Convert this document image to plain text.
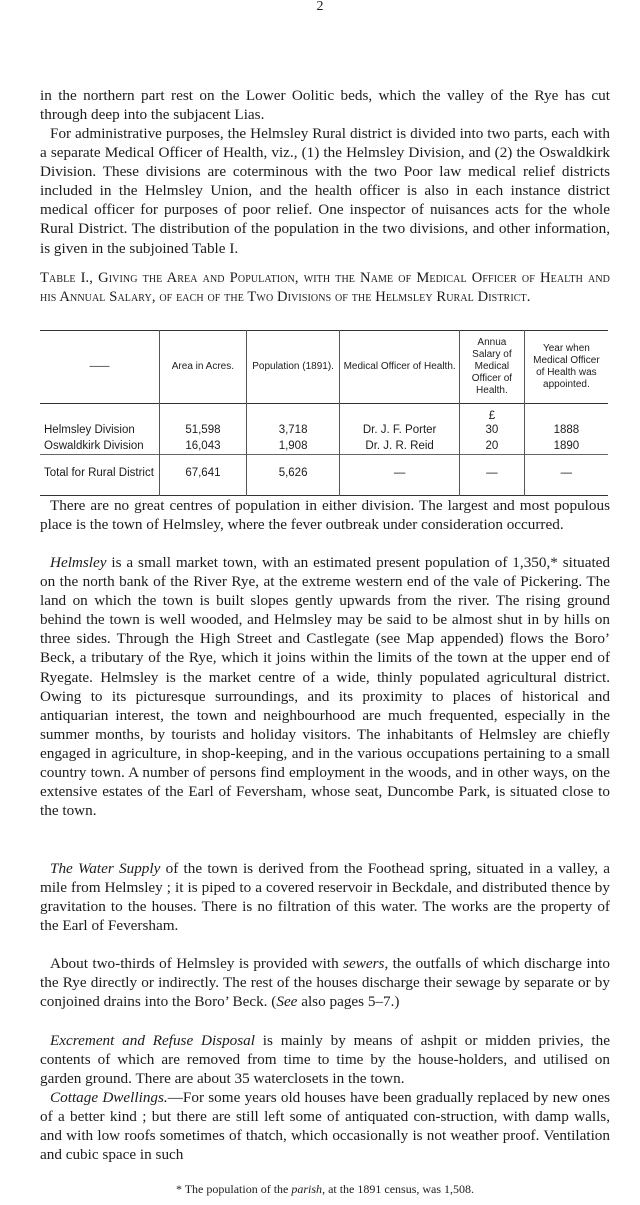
2

in the northern part rest on the Lower Oolitic beds, which the valley of the Rye has cut through deep into the subjacent Lias.

For administrative purposes, the Helmsley Rural district is divided into two parts, each with a separate Medical Officer of Health, viz., (1) the Helmsley Division, and (2) the Oswaldkirk Division. These divisions are coterminous with the two Poor law medical relief districts included in the Helmsley Union, and the health officer is also in each instance district medical officer for purposes of poor relief. One inspector of nuisances acts for the whole Rural District. The distribution of the population in the two divisions, and other information, is given in the subjoined Table I.

Table I., Giving the Area and Population, with the Name of Medical Officer of Health and his Annual Salary, of each of the Two Divisions of the Helmsley Rural District.

——	Area in Acres.	Population (1891).	Medical Officer of Health.	Annua Salary of Medical Officer of Health.	Year when Medical Officer of Health was appointed.
				£	
Helmsley Division	51,598	3,718	Dr. J. F. Porter	30	1888
Oswaldkirk Division	16,043	1,908	Dr. J. R. Reid	20	1890
Total for Rural District	67,641	5,626	—	—	—

There are no great centres of population in either division. The largest and most populous place is the town of Helmsley, where the fever outbreak under consideration occurred.

Helmsley is a small market town, with an estimated present population of 1,350,* situated on the north bank of the River Rye, at the extreme western end of the vale of Pickering. The land on which the town is built slopes gently upwards from the river. The rising ground behind the town is well wooded, and Helmsley may be said to be almost shut in by hills on three sides. Through the High Street and Castlegate (see Map appended) flows the Boro’ Beck, a tributary of the Rye, which it joins within the limits of the town at the upper end of Ryegate. Helmsley is the market centre of a wide, thinly populated agricultural district. Owing to its picturesque surroundings, and its proximity to places of historical and antiquarian interest, the town and neighbourhood are much frequented, especially in the summer months, by tourists and holiday visitors. The inhabitants of Helmsley are chiefly engaged in agriculture, in shop-keeping, and in the various occupations pertaining to a small country town. A number of persons find employment in the woods, and in other ways, on the extensive estates of the Earl of Feversham, whose seat, Duncombe Park, is situated close to the town.

The Water Supply of the town is derived from the Foothead spring, situated in a valley, a mile from Helmsley ; it is piped to a covered reservoir in Beckdale, and distributed thence by gravitation to the houses. There is no filtration of this water. The works are the property of the Earl of Feversham.

About two-thirds of Helmsley is provided with sewers, the outfalls of which discharge into the Rye directly or indirectly. The rest of the houses discharge their sewage by separate or by conjoined drains into the Boro’ Beck. (See also pages 5–7.)

Excrement and Refuse Disposal is mainly by means of ashpit or midden privies, the contents of which are removed from time to time by the house-holders, and utilised on garden ground. There are about 35 waterclosets in the town.

Cottage Dwellings.—For some years old houses have been gradually replaced by new ones of a better kind ; but there are still left some of antiquated con-struction, with damp walls, and with low roofs sometimes of thatch, which occasionally is not weather proof. Ventilation and cubic space in such

* The population of the parish, at the 1891 census, was 1,508.
